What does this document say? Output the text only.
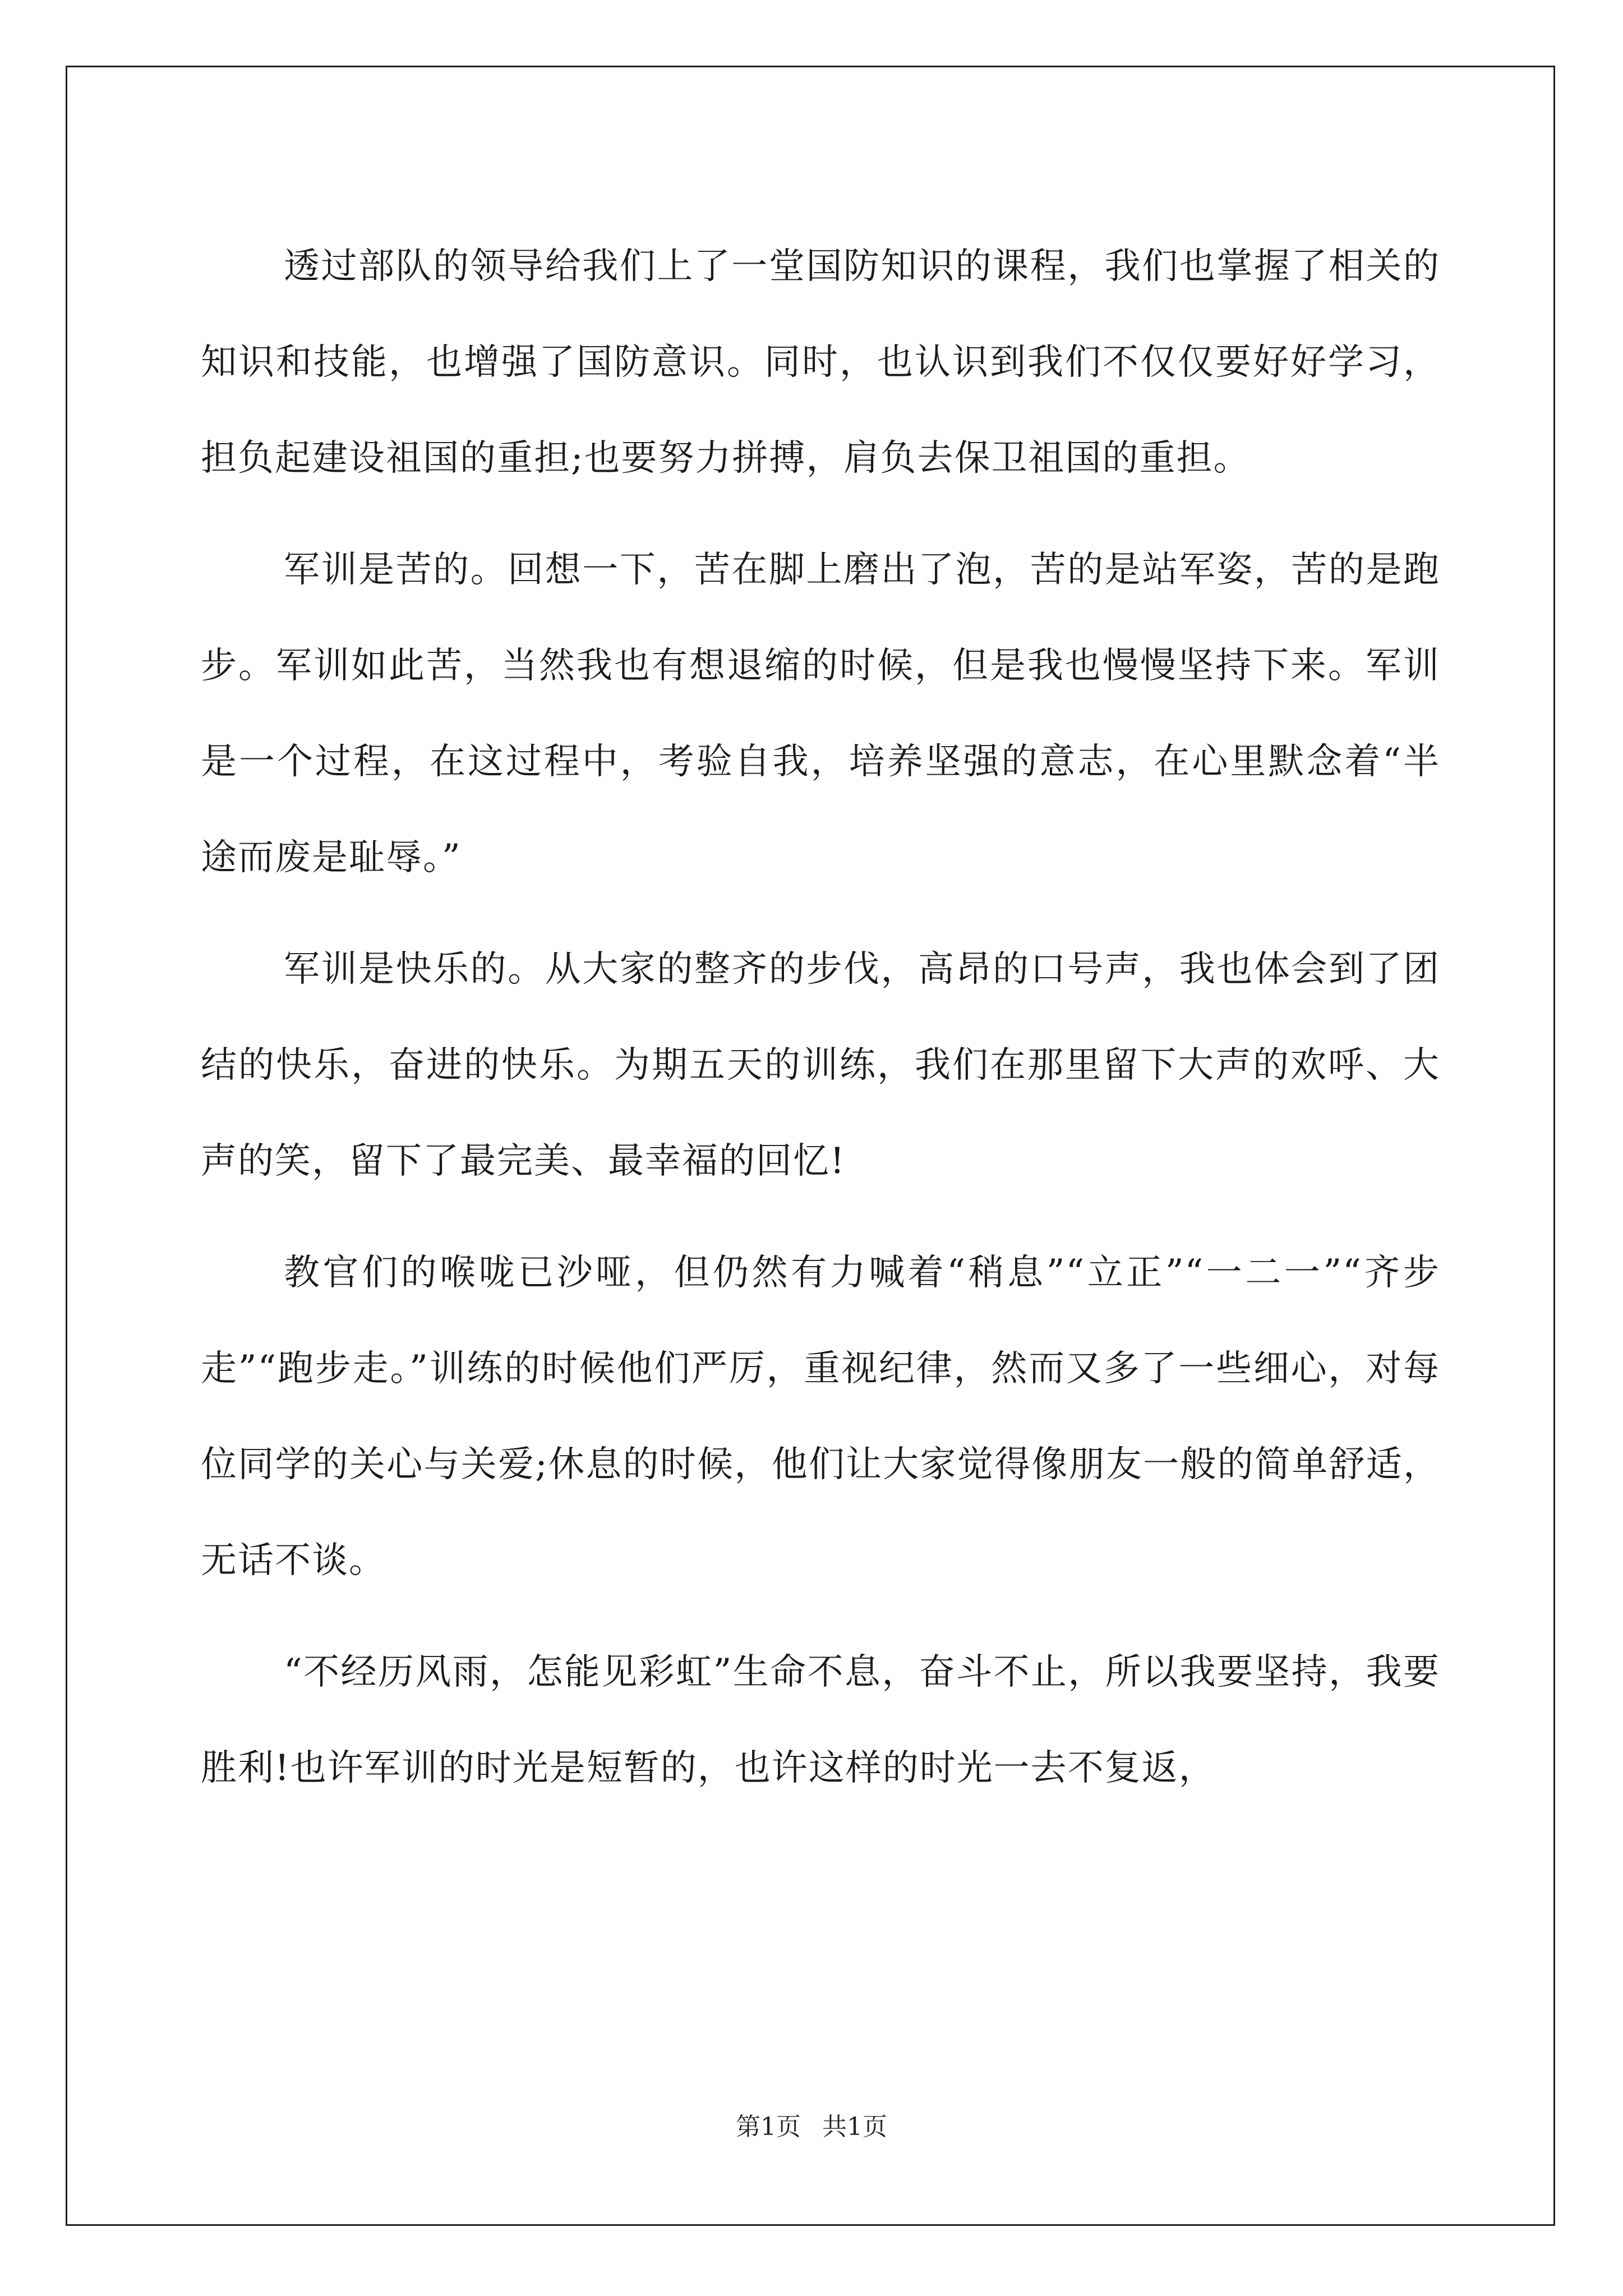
透过部队的领导给我们上了一堂国防知识的课程，我们也掌握了相关的知识和技能，也增强了国防意识。同时，也认识到我们不仅仅要好好学习，担负起建设祖国的重担;也要努力拼搏，肩负去保卫祖国的重担。

军训是苦的。回想一下，苦在脚上磨出了泡，苦的是站军姿，苦的是跑步。军训如此苦，当然我也有想退缩的时候，但是我也慢慢坚持下来。军训是一个过程，在这过程中，考验自我，培养坚强的意志，在心里默念着“半途而废是耻辱。”

军训是快乐的。从大家的整齐的步伐，高昂的口号声，我也体会到了团结的快乐，奋进的快乐。为期五天的训练，我们在那里留下大声的欢呼、大声的笑，留下了最完美、最幸福的回忆!

教官们的喉咙已沙哑，但仍然有力喊着“稍息”“立正”“一二一”“齐步走”“跑步走。”训练的时候他们严厉，重视纪律，然而又多了一些细心，对每位同学的关心与关爱;休息的时候，他们让大家觉得像朋友一般的简单舒适，无话不谈。

“不经历风雨，怎能见彩虹”生命不息，奋斗不止，所以我要坚持，我要胜利!也许军训的时光是短暂的，也许这样的时光一去不复返，

第1页 共1页
